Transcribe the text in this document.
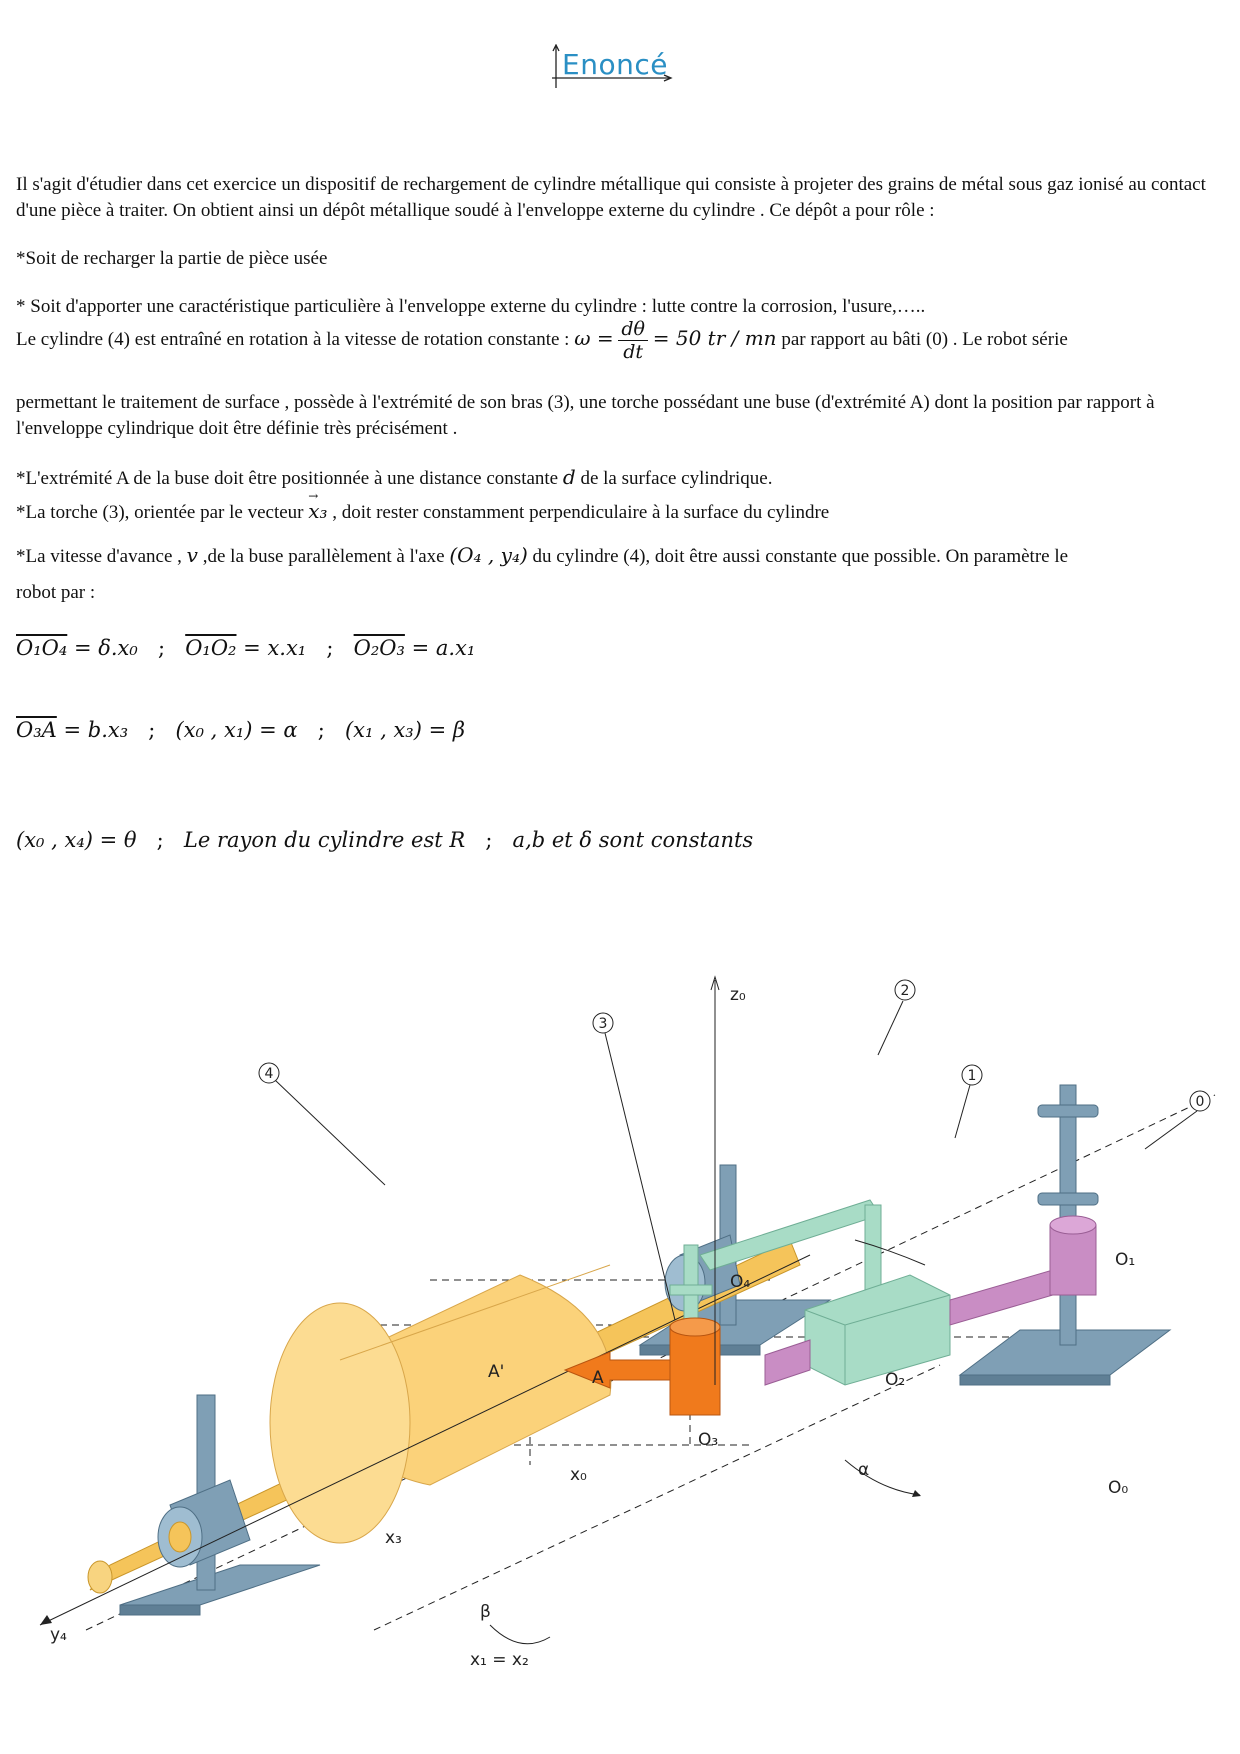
Enoncé

Il s'agit d'étudier dans cet exercice un dispositif de rechargement de cylindre métallique qui consiste à projeter des grains de métal sous gaz ionisé au contact d'une pièce à traiter. On obtient ainsi un dépôt métallique soudé à l'enveloppe externe du cylindre . Ce dépôt a pour rôle :

*Soit de recharger la partie de pièce usée

* Soit d'apporter une caractéristique particulière à l'enveloppe externe du cylindre : lutte contre la corrosion, l'usure,…..

Le cylindre (4) est entraîné en rotation à la vitesse de rotation constante : $\omega = \frac{d\theta}{dt} = 50$ tr / mn par rapport au bâti (0) . Le robot série

permettant le traitement de surface , possède à l'extrémité de son bras (3), une torche possédant une buse (d'extrémité A) dont la position par rapport à l'enveloppe cylindrique doit être définie très précisément .

*L'extrémité A de la buse doit être positionnée à une distance constante d de la surface cylindrique.

*La torche (3), orientée par le vecteur → x₃ , doit rester constamment perpendiculaire à la surface du cylindre

*La vitesse d'avance , v ,de la buse parallèlement à l'axe (O₄ , y₄) du cylindre (4), doit être aussi constante que possible. On paramètre le

robot par :

O₁O₄ = δ.x₀ ; O₁O₂ = x.x₁ ; O₂O₃ = a.x₁
O₃A = b.x₃ ; (x₀ , x₁) = α ; (x₁ , x₃) = β
(x₀ , x₄) = θ ; Le rayon du cylindre est R ; a,b et δ sont constants
4
3
2
1
0
z₀
O₄
O₁
O₂
O₃
O₀
A
A'
x₀	α
x₃
β
y₄
x₁ = x₂
